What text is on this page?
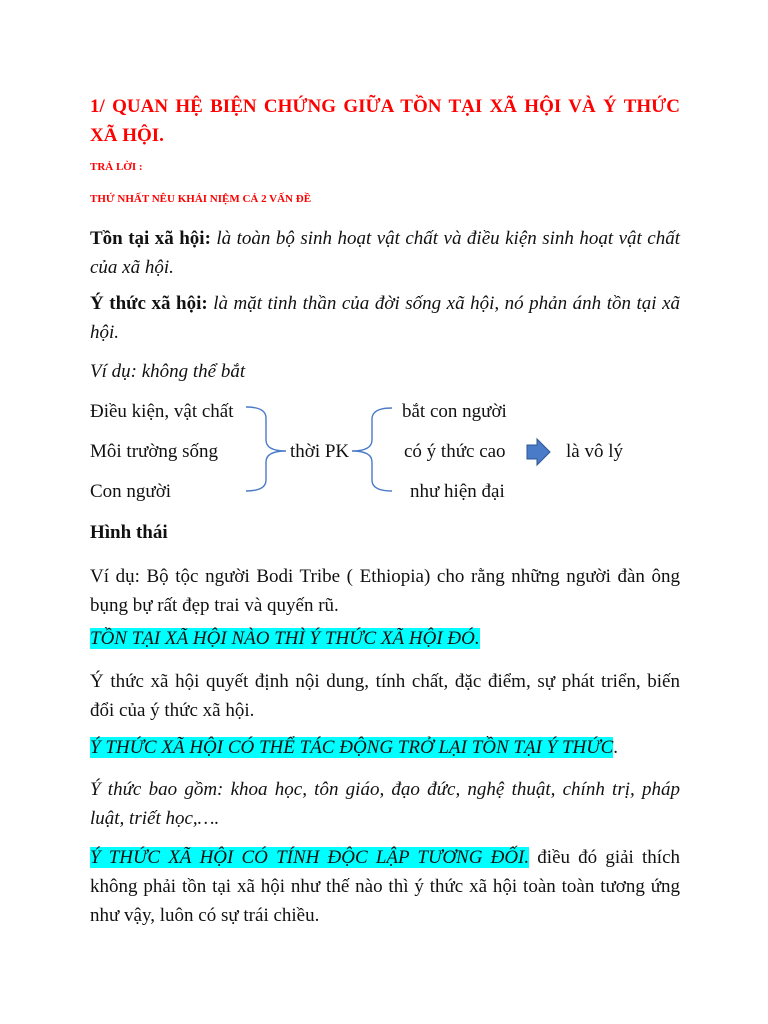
1/ QUAN HỆ BIỆN CHỨNG GIỮA TỒN TẠI XÃ HỘI VÀ Ý THỨC XÃ HỘI.
TRẢ LỜI :
THỨ NHẤT NÊU KHÁI NIỆM CẢ 2 VẤN ĐỀ
Tồn tại xã hội: là toàn bộ sinh hoạt vật chất và điều kiện sinh hoạt vật chất của xã hội.
Ý thức xã hội: là mặt tinh thần của đời sống xã hội, nó phản ánh tồn tại xã hội.
Ví dụ: không thể bắt
Điều kiện, vật chất
Môi trường sống
Con người
thời PK
bắt con người
có ý thức cao
như hiện đại
là vô lý
Hình thái
Ví dụ: Bộ tộc người Bodi Tribe ( Ethiopia) cho rằng những người đàn ông bụng bự rất đẹp trai và quyến rũ.
TỒN TẠI XÃ HỘI NÀO THÌ Ý THỨC XÃ HỘI ĐÓ.
Ý thức xã hội quyết định nội dung, tính chất, đặc điểm, sự phát triển, biến đổi của ý thức xã hội.
Ý THỨC XÃ HỘI CÓ THỂ TÁC ĐỘNG TRỞ LẠI TỒN TẠI Ý THỨC.
Ý thức bao gồm: khoa học, tôn giáo, đạo đức, nghệ thuật, chính trị, pháp luật, triết học,….
Ý THỨC XÃ HỘI CÓ TÍNH ĐỘC LẬP TƯƠNG ĐỐI. điều đó giải thích không phải tồn tại xã hội như thế nào thì ý thức xã hội toàn toàn tương ứng như vậy, luôn có sự trái chiều.
